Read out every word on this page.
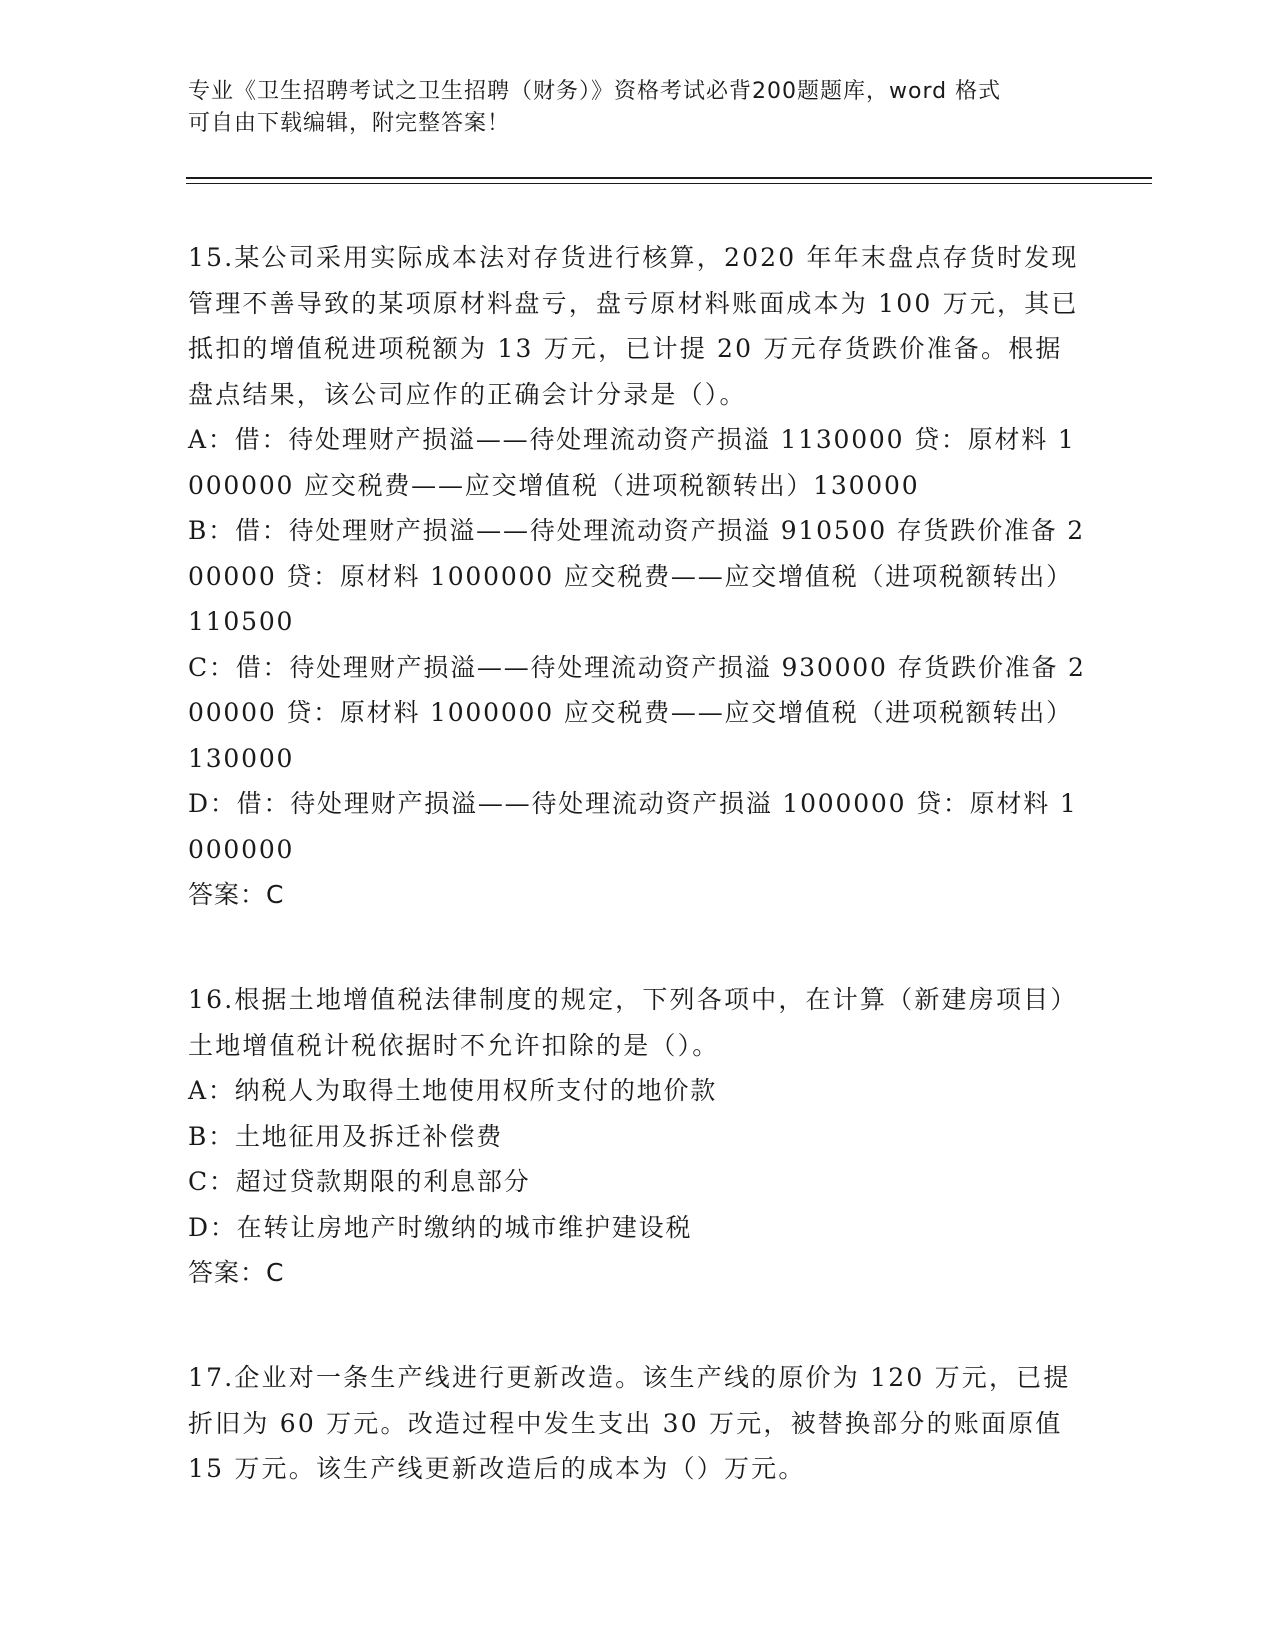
专业《卫生招聘考试之卫生招聘（财务）》资格考试必背200题题库，word 格式
可自由下载编辑，附完整答案！

15.某公司采用实际成本法对存货进行核算，2020 年年末盘点存货时发现管理不善导致的某项原材料盘亏，盘亏原材料账面成本为 100 万元，其已抵扣的增值税进项税额为 13 万元，已计提 20 万元存货跌价准备。根据盘点结果，该公司应作的正确会计分录是（）。

A：借：待处理财产损溢——待处理流动资产损溢 1130000 贷：原材料 1000000 应交税费——应交增值税（进项税额转出）130000

B：借：待处理财产损溢——待处理流动资产损溢 910500 存货跌价准备 200000 贷：原材料 1000000 应交税费——应交增值税（进项税额转出）110500

C：借：待处理财产损溢——待处理流动资产损溢 930000 存货跌价准备 200000 贷：原材料 1000000 应交税费——应交增值税（进项税额转出）130000

D：借：待处理财产损溢——待处理流动资产损溢 1000000 贷：原材料 1000000

答案：C

16.根据土地增值税法律制度的规定，下列各项中，在计算（新建房项目）土地增值税计税依据时不允许扣除的是（）。

A：纳税人为取得土地使用权所支付的地价款

B：土地征用及拆迁补偿费

C：超过贷款期限的利息部分

D：在转让房地产时缴纳的城市维护建设税

答案：C

17.企业对一条生产线进行更新改造。该生产线的原价为 120 万元，已提折旧为 60 万元。改造过程中发生支出 30 万元，被替换部分的账面原值 15 万元。该生产线更新改造后的成本为（）万元。
